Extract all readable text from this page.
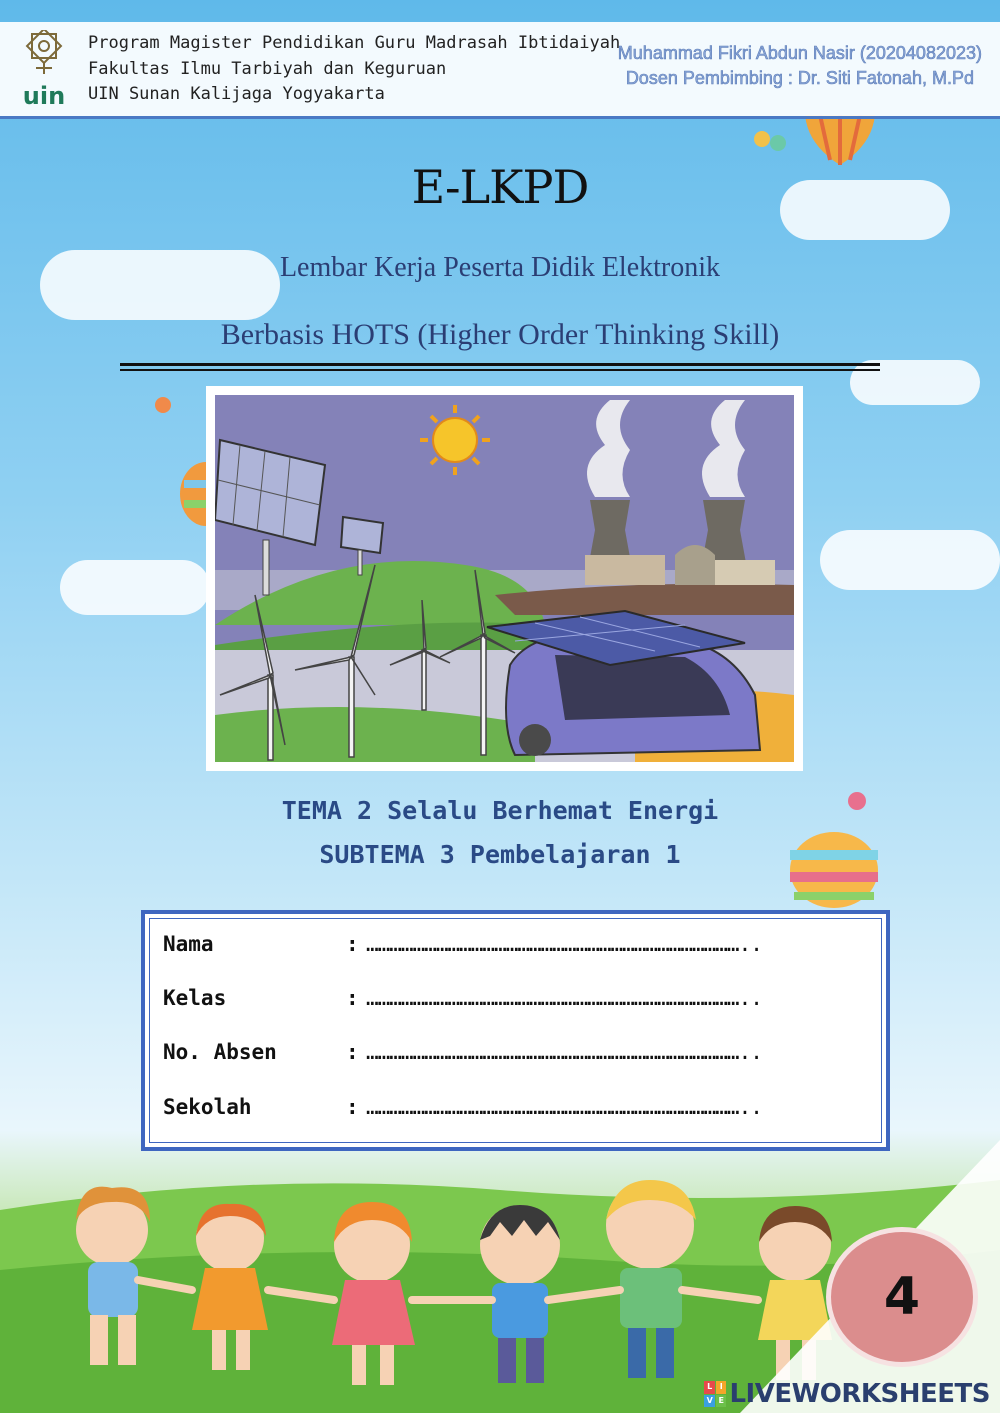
uin
Program Magister Pendidikan Guru Madrasah Ibtidaiyah
Fakultas Ilmu Tarbiyah dan Keguruan
UIN Sunan Kalijaga Yogyakarta
Muhammad Fikri Abdun Nasir (20204082023)
Dosen Pembimbing : Dr. Siti Fatonah, M.Pd
E-LKPD
Lembar Kerja Peserta Didik Elektronik
Berbasis HOTS (Higher Order Thinking Skill)
TEMA 2 Selalu Berhemat Energi
SUBTEMA 3 Pembelajaran 1
Nama	: ……………………………………………………………………………………..
Kelas	: ……………………………………………………………………………………..
No. Absen	: ……………………………………………………………………………………..
Sekolah	: ……………………………………………………………………………………..
4
L I
V E LIVEWORKSHEETS
